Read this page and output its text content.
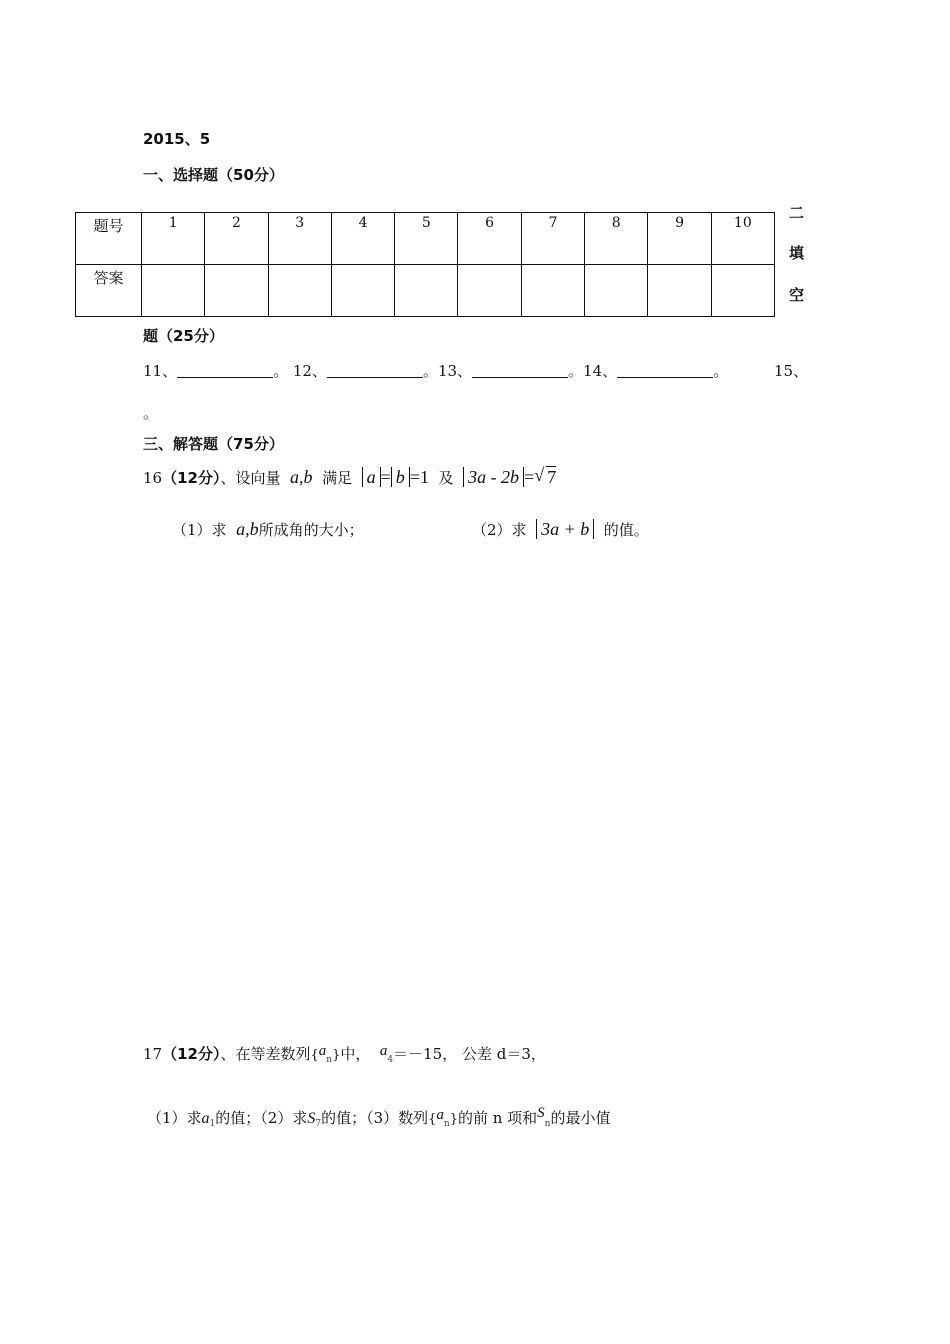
2015、5
一、选择题（50分）
题号	1	2	3	4	5	6	7	8	9	10
答案										
二
填
空
题（25分）
11、	。 12、	。13、	。14、	。	15、
。
三、解答题（75分）
16（12分）、设向量 a,b 满足 a = b =1 及 3a - 2b = √ 7
（1）求 a,b所成角的大小；	（2）求 3a + b 的值。
17（12分）、在等差数列$\{a_n\}$中， $a_4=-15$， 公差 d＝3，
（1）求$a_1$的值；（2）求$S_7$的值；（3）数列$\{a_n\}$的前 n 项和$S_n$的最小值
